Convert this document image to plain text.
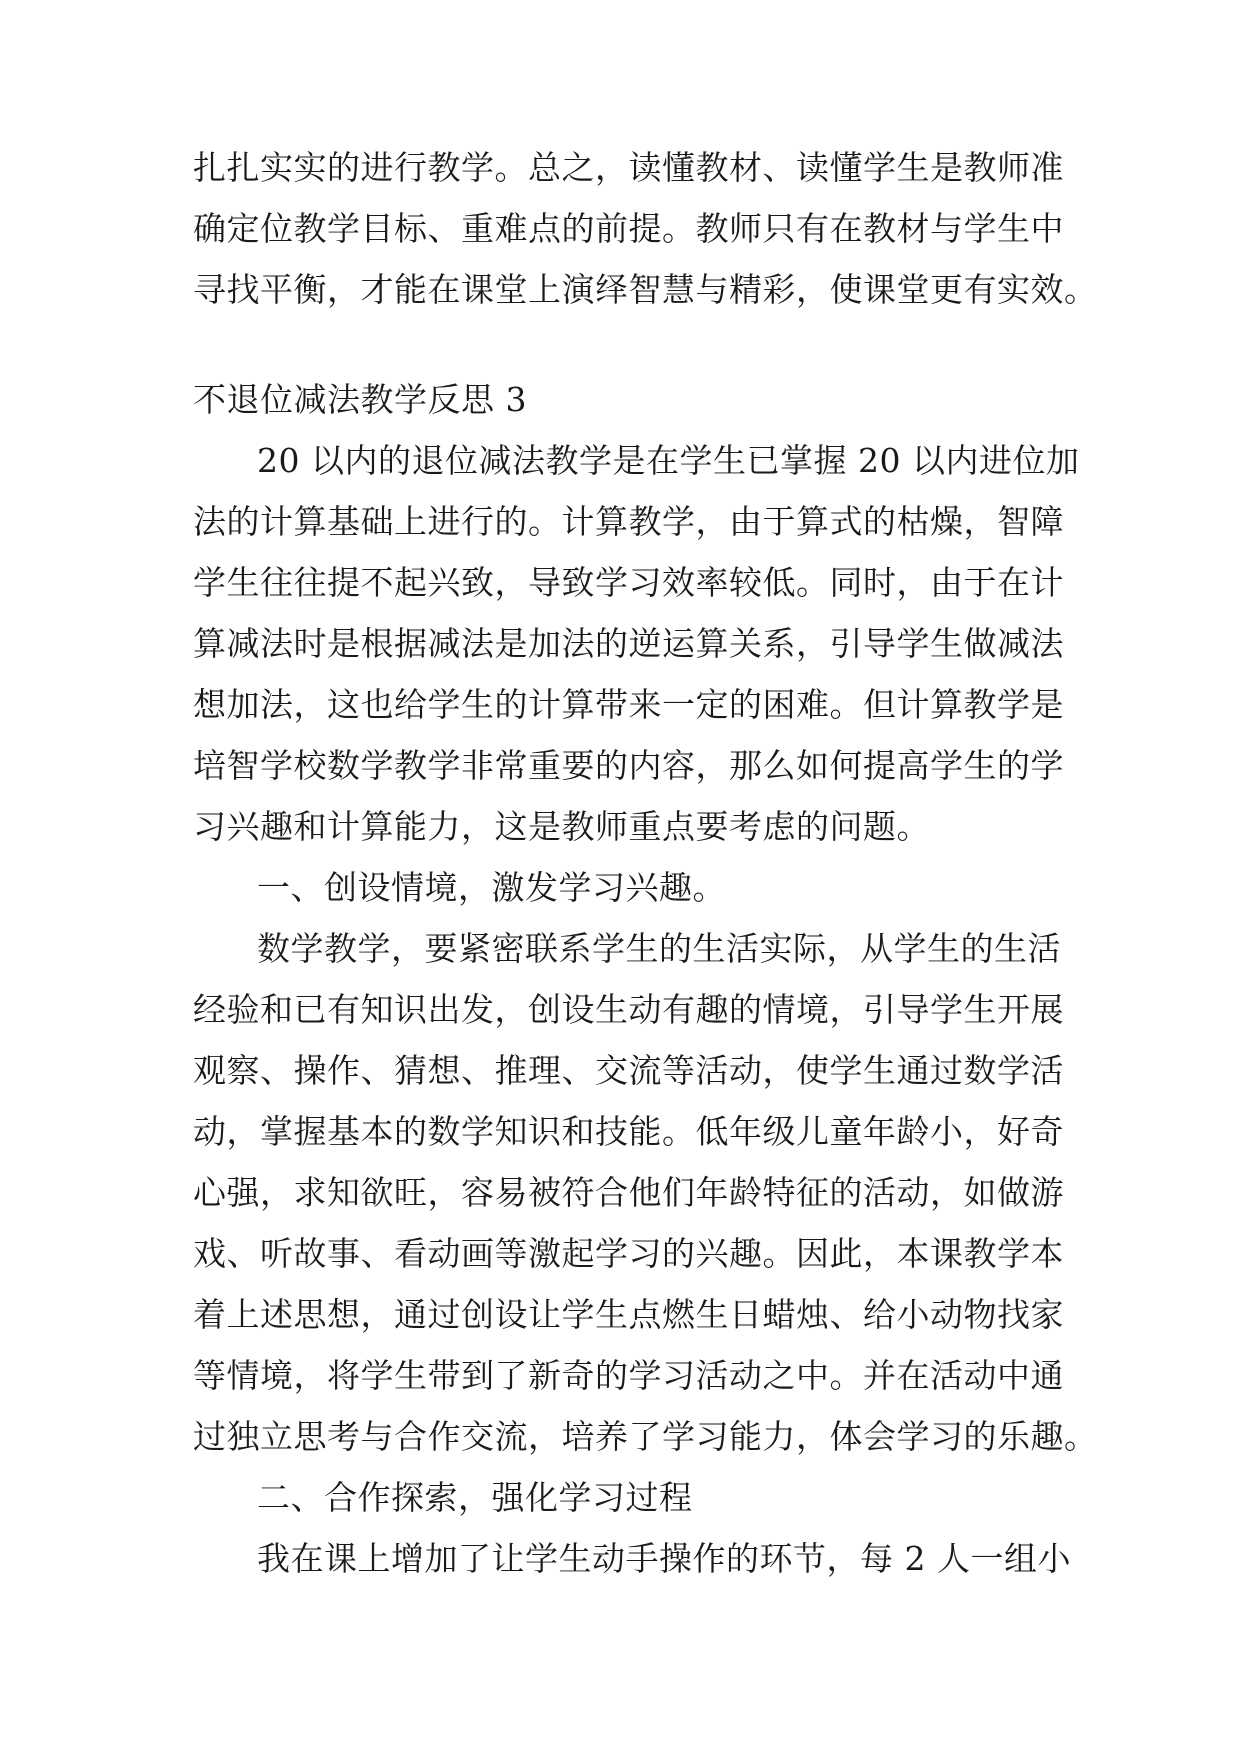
扎扎实实的进行教学。总之，读懂教材、读懂学生是教师准

确定位教学目标、重难点的前提。教师只有在教材与学生中

寻找平衡，才能在课堂上演绎智慧与精彩，使课堂更有实效。

不退位减法教学反思 3

20 以内的退位减法教学是在学生已掌握 20 以内进位加

法的计算基础上进行的。计算教学，由于算式的枯燥，智障

学生往往提不起兴致，导致学习效率较低。同时，由于在计

算减法时是根据减法是加法的逆运算关系，引导学生做减法

想加法，这也给学生的计算带来一定的困难。但计算教学是

培智学校数学教学非常重要的内容，那么如何提高学生的学

习兴趣和计算能力，这是教师重点要考虑的问题。

一、创设情境，激发学习兴趣。

数学教学，要紧密联系学生的生活实际，从学生的生活

经验和已有知识出发，创设生动有趣的情境，引导学生开展

观察、操作、猜想、推理、交流等活动，使学生通过数学活

动，掌握基本的数学知识和技能。低年级儿童年龄小，好奇

心强，求知欲旺，容易被符合他们年龄特征的活动，如做游

戏、听故事、看动画等激起学习的兴趣。因此，本课教学本

着上述思想，通过创设让学生点燃生日蜡烛、给小动物找家

等情境，将学生带到了新奇的学习活动之中。并在活动中通

过独立思考与合作交流，培养了学习能力，体会学习的乐趣。

二、合作探索，强化学习过程

我在课上增加了让学生动手操作的环节，每 2 人一组小
